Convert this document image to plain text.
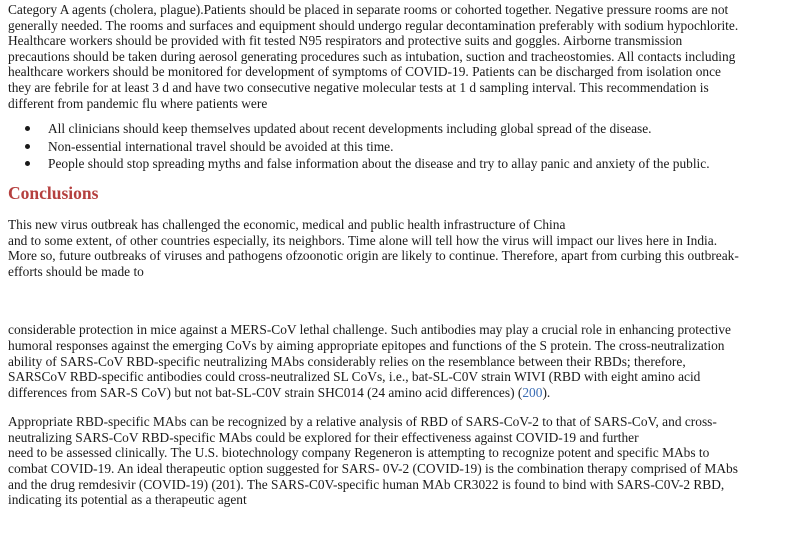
Category A agents (cholera, plague).Patients should be placed in separate rooms or cohorted together. Negative pressure rooms are not
generally needed. The rooms and surfaces and equipment should undergo regular decontamination preferably with sodium hypochlorite.
Healthcare workers should be provided with fit tested N95 respirators and protective suits and goggles. Airborne transmission
precautions should be taken during aerosol generating procedures such as intubation, suction and tracheostomies. All contacts including
healthcare workers should be monitored for development of symptoms of COVID-19. Patients can be discharged from isolation once
they are febrile for at least 3 d and have two consecutive negative molecular tests at 1 d sampling interval. This recommendation is
different from pandemic flu where patients were

All clinicians should keep themselves updated about recent developments including global spread of the disease.
Non-essential international travel should be avoided at this time.
People should stop spreading myths and false information about the disease and try to allay panic and anxiety of the public.
Conclusions

This new virus outbreak has challenged the economic, medical and public health infrastructure of China
and to some extent, of other countries especially, its neighbors. Time alone will tell how the virus will impact our lives here in India.
More so, future outbreaks of viruses and pathogens ofzoonotic origin are likely to continue. Therefore, apart from curbing this outbreak-
efforts should be made to

considerable protection in mice against a MERS-CoV lethal challenge. Such antibodies may play a crucial role in enhancing protective
humoral responses against the emerging CoVs by aiming appropriate epitopes and functions of the S protein. The cross-neutralization
ability of SARS-CoV RBD-specific neutralizing MAbs considerably relies on the resemblance between their RBDs; therefore,
SARSCoV RBD-specific antibodies could cross-neutralized SL CoVs, i.e., bat-SL-C0V strain WIVI (RBD with eight amino acid
differences from SAR-S CoV) but not bat-SL-C0V strain SHC014 (24 amino acid differences) (200).

Appropriate RBD-specific MAbs can be recognized by a relative analysis of RBD of SARS-CoV-2 to that of SARS-CoV, and cross-
neutralizing SARS-CoV RBD-specific MAbs could be explored for their effectiveness against COVID-19 and further
need to be assessed clinically. The U.S. biotechnology company Regeneron is attempting to recognize potent and specific MAbs to
combat COVID-19. An ideal therapeutic option suggested for SARS- 0V-2 (COVID-19) is the combination therapy comprised of MAbs
and the drug remdesivir (COVID-19) (201). The SARS-C0V-specific human MAb CR3022 is found to bind with SARS-C0V-2 RBD,
indicating its potential as a therapeutic agent
